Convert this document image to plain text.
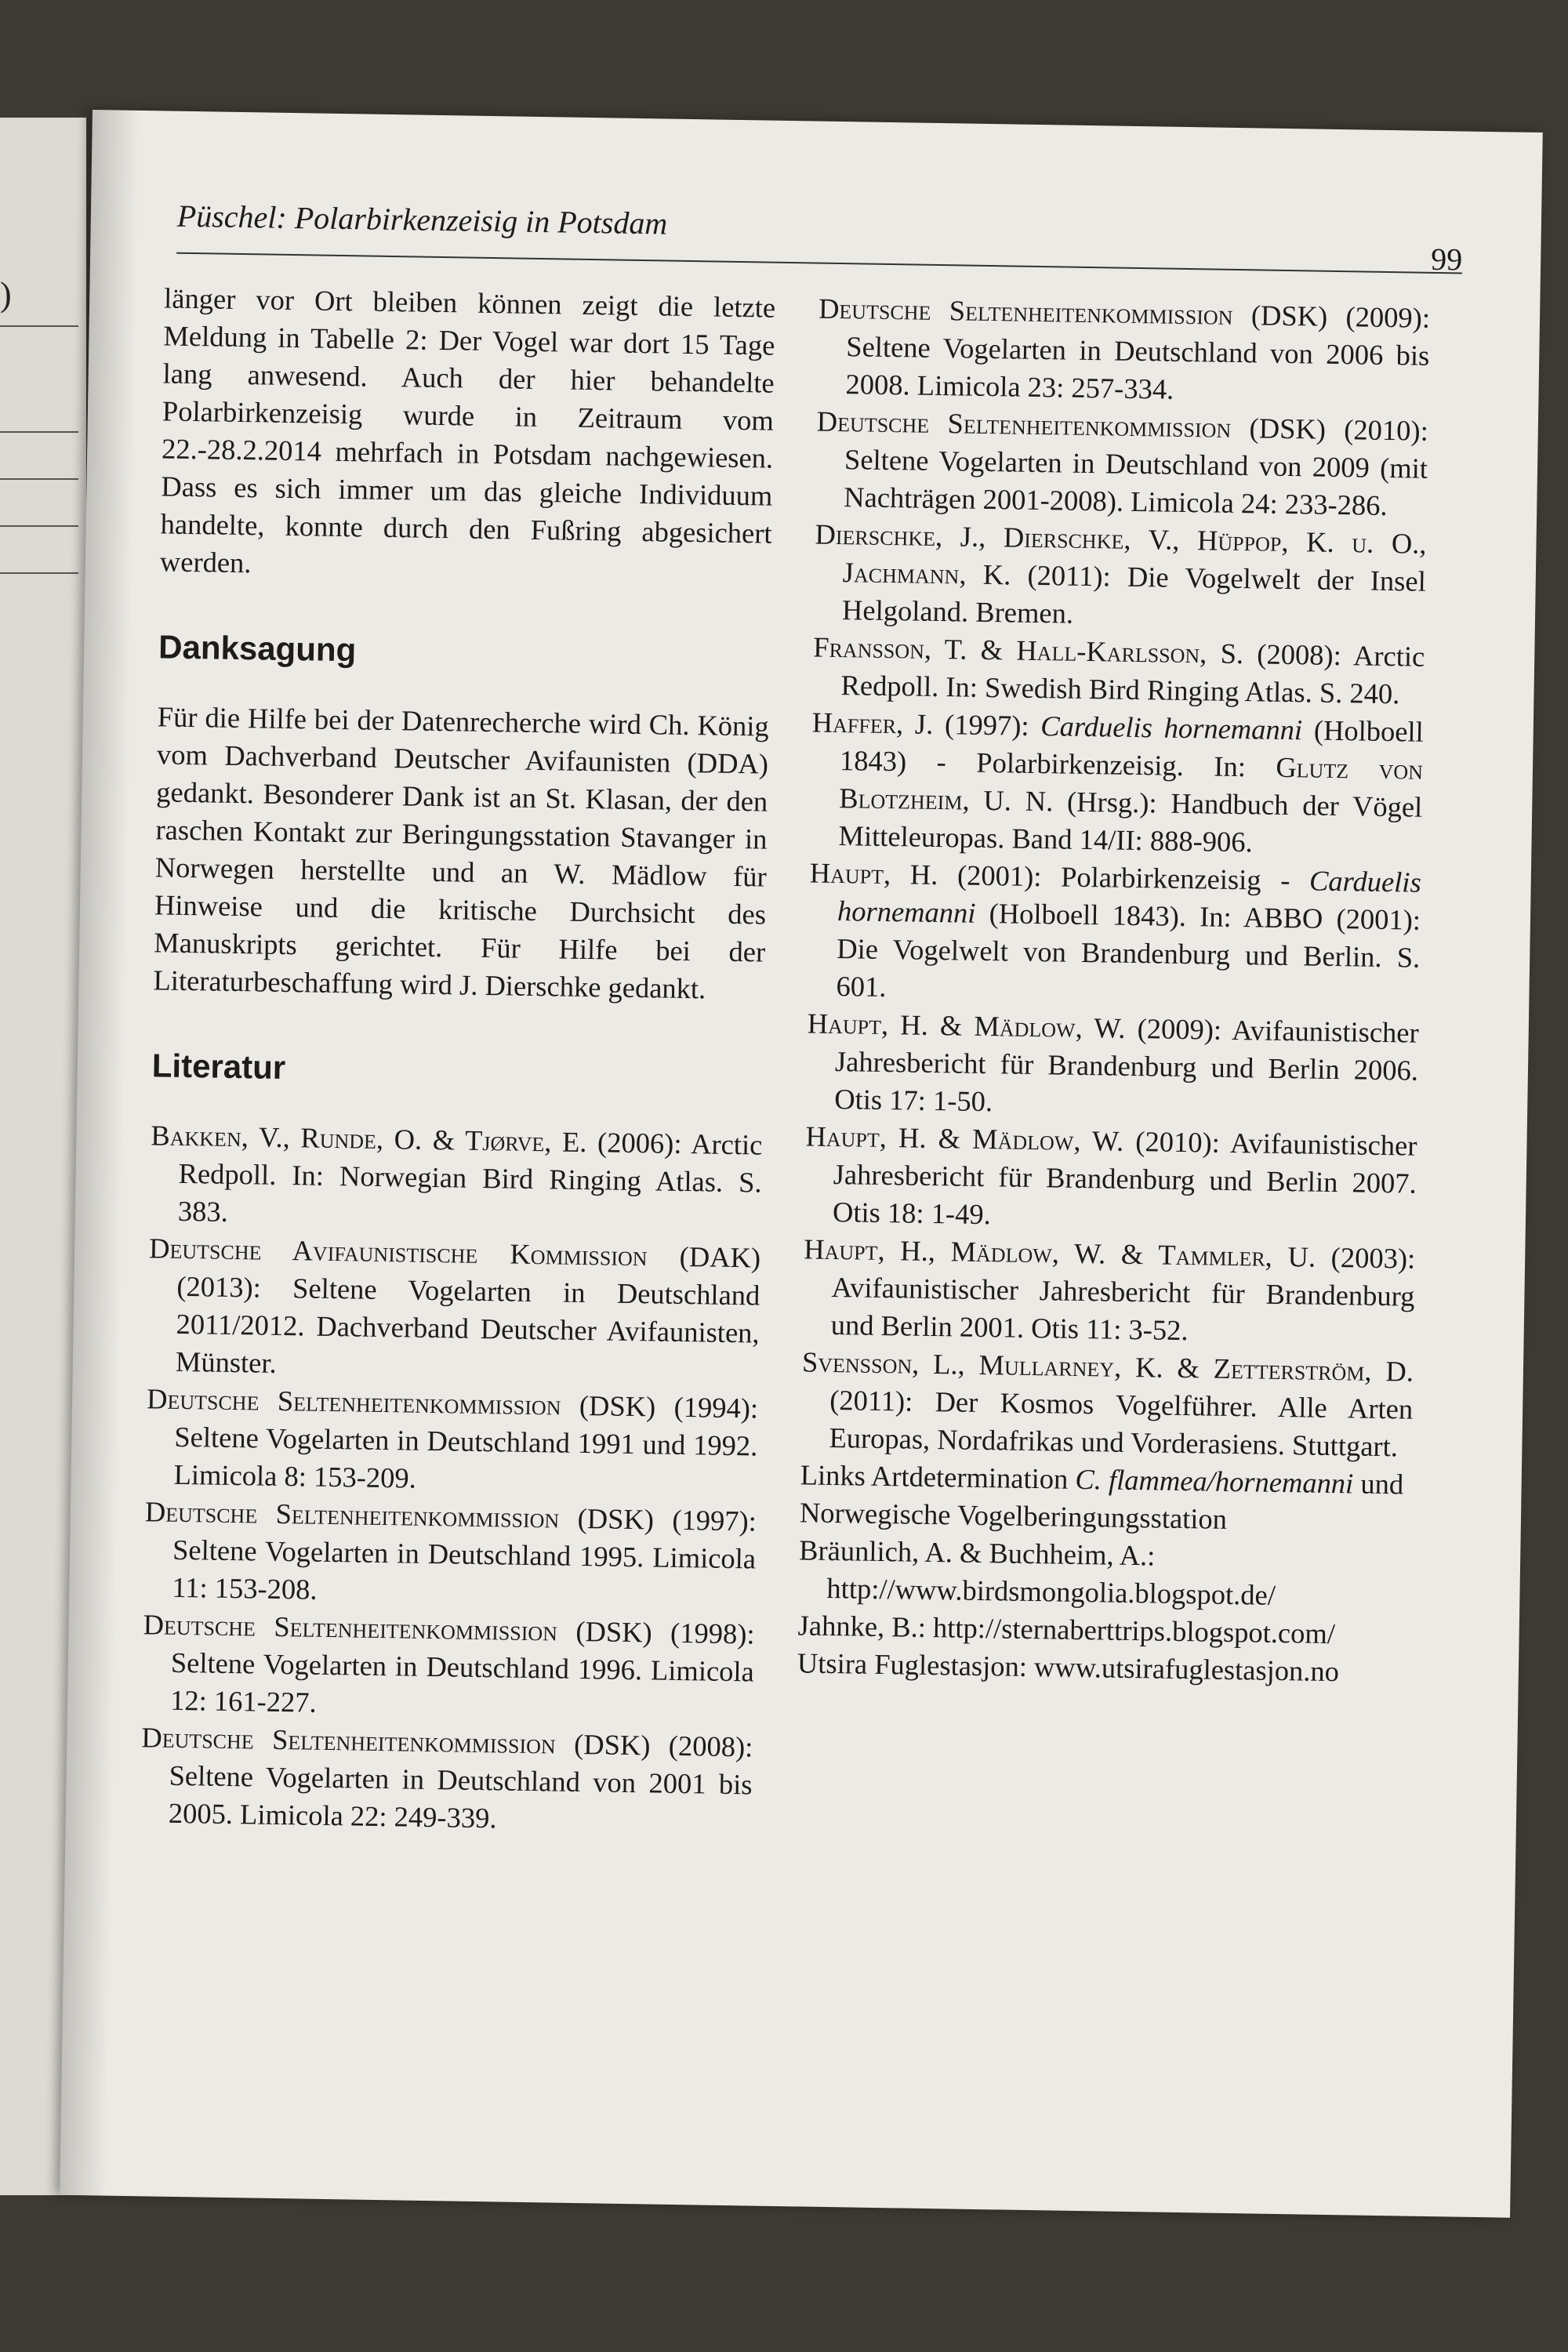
)
Püschel: Polarbirkenzeisig in Potsdam
99

länger vor Ort bleiben können zeigt die letzte Meldung in Tabelle 2: Der Vogel war dort 15 Tage lang anwesend. Auch der hier behandelte Polarbirkenzeisig wurde in Zeitraum vom 22.-28.2.2014 mehrfach in Potsdam nachgewiesen. Dass es sich immer um das gleiche Individuum handelte, konnte durch den Fußring abgesichert werden.

Danksagung

Für die Hilfe bei der Datenrecherche wird Ch. König vom Dachverband Deutscher Avifaunisten (DDA) gedankt. Besonderer Dank ist an St. Klasan, der den raschen Kontakt zur Beringungsstation Stavanger in Norwegen herstellte und an W. Mädlow für Hinweise und die kritische Durchsicht des Manuskripts gerichtet. Für Hilfe bei der Literaturbeschaffung wird J. Dierschke gedankt.

Literatur

Bakken, V., Runde, O. & Tjørve, E. (2006): Arctic Redpoll. In: Norwegian Bird Ringing Atlas. S. 383.

Deutsche Avifaunistische Kommission (DAK) (2013): Seltene Vogelarten in Deutschland 2011/2012. Dachverband Deutscher Avifaunisten, Münster.

Deutsche Seltenheitenkommission (DSK) (1994): Seltene Vogelarten in Deutschland 1991 und 1992. Limicola 8: 153-209.

Deutsche Seltenheitenkommission (DSK) (1997): Seltene Vogelarten in Deutschland 1995. Limicola 11: 153-208.

Deutsche Seltenheitenkommission (DSK) (1998): Seltene Vogelarten in Deutschland 1996. Limicola 12: 161-227.

Deutsche Seltenheitenkommission (DSK) (2008): Seltene Vogelarten in Deutschland von 2001 bis 2005. Limicola 22: 249-339.

Deutsche Seltenheitenkommission (DSK) (2009): Seltene Vogelarten in Deutschland von 2006 bis 2008. Limicola 23: 257-334.

Deutsche Seltenheitenkommission (DSK) (2010): Seltene Vogelarten in Deutschland von 2009 (mit Nachträgen 2001-2008). Limicola 24: 233-286.

Dierschke, J., Dierschke, V., Hüppop, K. u. O., Jachmann, K. (2011): Die Vogelwelt der Insel Helgoland. Bremen.

Fransson, T. & Hall-Karlsson, S. (2008): Arctic Redpoll. In: Swedish Bird Ringing Atlas. S. 240.

Haffer, J. (1997): Carduelis hornemanni (Holboell 1843) - Polarbirkenzeisig. In: Glutz von Blotzheim, U. N. (Hrsg.): Handbuch der Vögel Mitteleuropas. Band 14/II: 888-906.

Haupt, H. (2001): Polarbirkenzeisig - Carduelis hornemanni (Holboell 1843). In: ABBO (2001): Die Vogelwelt von Brandenburg und Berlin. S. 601.

Haupt, H. & Mädlow, W. (2009): Avifaunistischer Jahresbericht für Brandenburg und Berlin 2006. Otis 17: 1-50.

Haupt, H. & Mädlow, W. (2010): Avifaunistischer Jahresbericht für Brandenburg und Berlin 2007. Otis 18: 1-49.

Haupt, H., Mädlow, W. & Tammler, U. (2003): Avifaunistischer Jahresbericht für Brandenburg und Berlin 2001. Otis 11: 3-52.

Svensson, L., Mullarney, K. & Zetterström, D. (2011): Der Kosmos Vogelführer. Alle Arten Europas, Nordafrikas und Vorderasiens. Stuttgart.

Links Artdetermination C. flammea/hornemanni und Norwegische Vogelberingungsstation

Bräunlich, A. & Buchheim, A.: http://www.birdsmongolia.blogspot.de/

Jahnke, B.: http://sternaberttrips.blogspot.com/

Utsira Fuglestasjon: www.utsirafuglestasjon.no
